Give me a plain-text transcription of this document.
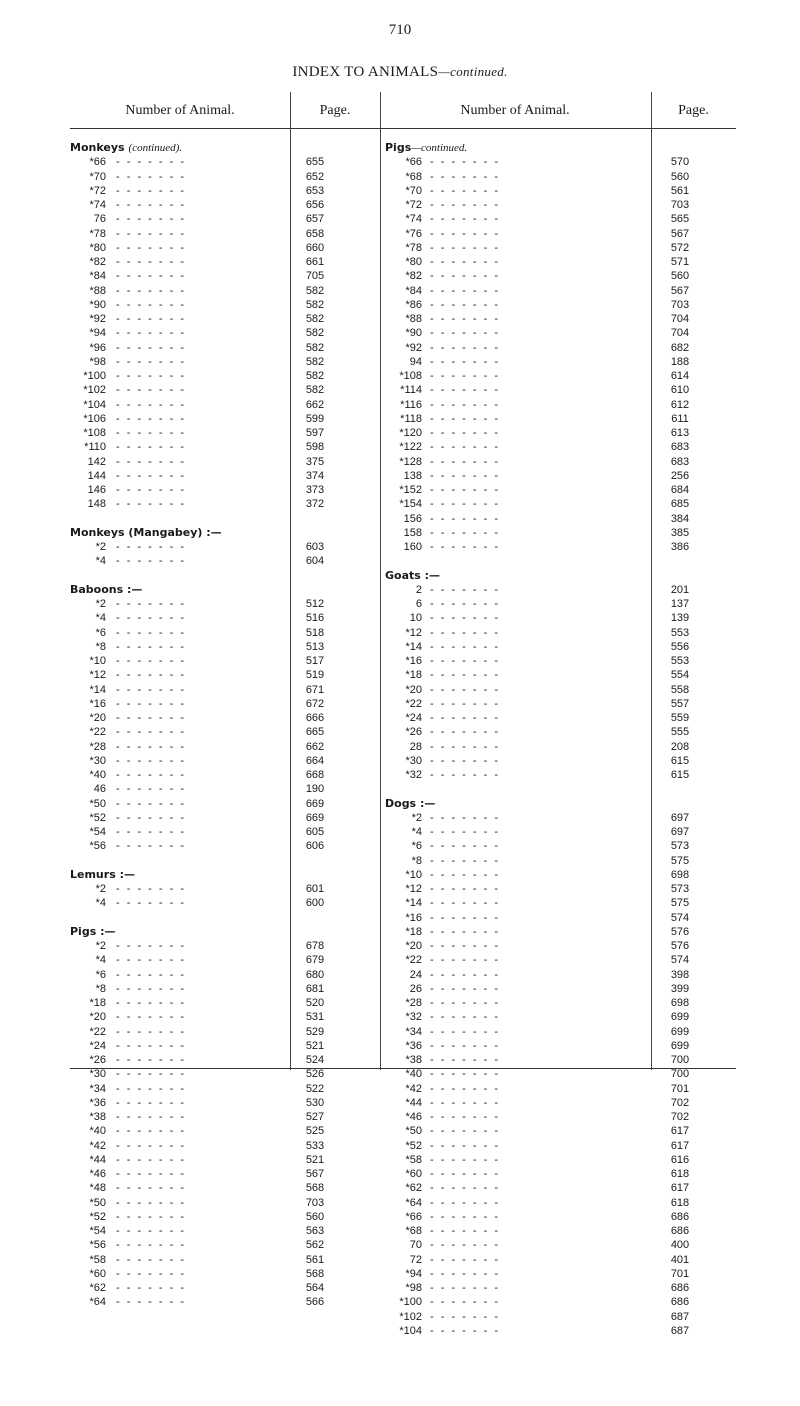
710
INDEX TO ANIMALS—continued.
Number of Animal.	Page.	Number of Animal.	Page.
Monkeys (continued).
*66 - - - - - - -	655
*70 - - - - - - -	652
*72 - - - - - - -	653
*74 - - - - - - -	656
76 - - - - - - -	657
*78 - - - - - - -	658
*80 - - - - - - -	660
*82 - - - - - - -	661
*84 - - - - - - -	705
*88 - - - - - - -	582
*90 - - - - - - -	582
*92 - - - - - - -	582
*94 - - - - - - -	582
*96 - - - - - - -	582
*98 - - - - - - -	582
*100 - - - - - - -	582
*102 - - - - - - -	582
*104 - - - - - - -	662
*106 - - - - - - -	599
*108 - - - - - - -	597
*110 - - - - - - -	598
142 - - - - - - -	375
144 - - - - - - -	374
146 - - - - - - -	373
148 - - - - - - -	372
Monkeys (Mangabey) :—
*2 - - - - - - -	603
*4 - - - - - - -	604
Baboons :—
*2 - - - - - - -	512
*4 - - - - - - -	516
*6 - - - - - - -	518
*8 - - - - - - -	513
*10 - - - - - - -	517
*12 - - - - - - -	519
*14 - - - - - - -	671
*16 - - - - - - -	672
*20 - - - - - - -	666
*22 - - - - - - -	665
*28 - - - - - - -	662
*30 - - - - - - -	664
*40 - - - - - - -	668
46 - - - - - - -	190
*50 - - - - - - -	669
*52 - - - - - - -	669
*54 - - - - - - -	605
*56 - - - - - - -	606
Lemurs :—
*2 - - - - - - -	601
*4 - - - - - - -	600
Pigs :—
*2 - - - - - - -	678
*4 - - - - - - -	679
*6 - - - - - - -	680
*8 - - - - - - -	681
*18 - - - - - - -	520
*20 - - - - - - -	531
*22 - - - - - - -	529
*24 - - - - - - -	521
*26 - - - - - - -	524
*30 - - - - - - -	526
*34 - - - - - - -	522
*36 - - - - - - -	530
*38 - - - - - - -	527
*40 - - - - - - -	525
*42 - - - - - - -	533
*44 - - - - - - -	521
*46 - - - - - - -	567
*48 - - - - - - -	568
*50 - - - - - - -	703
*52 - - - - - - -	560
*54 - - - - - - -	563
*56 - - - - - - -	562
*58 - - - - - - -	561
*60 - - - - - - -	568
*62 - - - - - - -	564
*64 - - - - - - -	566
Pigs—continued.
*66 - - - - - - -	570
*68 - - - - - - -	560
*70 - - - - - - -	561
*72 - - - - - - -	703
*74 - - - - - - -	565
*76 - - - - - - -	567
*78 - - - - - - -	572
*80 - - - - - - -	571
*82 - - - - - - -	560
*84 - - - - - - -	567
*86 - - - - - - -	703
*88 - - - - - - -	704
*90 - - - - - - -	704
*92 - - - - - - -	682
94 - - - - - - -	188
*108 - - - - - - -	614
*114 - - - - - - -	610
*116 - - - - - - -	612
*118 - - - - - - -	611
*120 - - - - - - -	613
*122 - - - - - - -	683
*128 - - - - - - -	683
138 - - - - - - -	256
*152 - - - - - - -	684
*154 - - - - - - -	685
156 - - - - - - -	384
158 - - - - - - -	385
160 - - - - - - -	386
Goats :—
2 - - - - - - -	201
6 - - - - - - -	137
10 - - - - - - -	139
*12 - - - - - - -	553
*14 - - - - - - -	556
*16 - - - - - - -	553
*18 - - - - - - -	554
*20 - - - - - - -	558
*22 - - - - - - -	557
*24 - - - - - - -	559
*26 - - - - - - -	555
28 - - - - - - -	208
*30 - - - - - - -	615
*32 - - - - - - -	615
Dogs :—
*2 - - - - - - -	697
*4 - - - - - - -	697
*6 - - - - - - -	573
*8 - - - - - - -	575
*10 - - - - - - -	698
*12 - - - - - - -	573
*14 - - - - - - -	575
*16 - - - - - - -	574
*18 - - - - - - -	576
*20 - - - - - - -	576
*22 - - - - - - -	574
24 - - - - - - -	398
26 - - - - - - -	399
*28 - - - - - - -	698
*32 - - - - - - -	699
*34 - - - - - - -	699
*36 - - - - - - -	699
*38 - - - - - - -	700
*40 - - - - - - -	700
*42 - - - - - - -	701
*44 - - - - - - -	702
*46 - - - - - - -	702
*50 - - - - - - -	617
*52 - - - - - - -	617
*58 - - - - - - -	616
*60 - - - - - - -	618
*62 - - - - - - -	617
*64 - - - - - - -	618
*66 - - - - - - -	686
*68 - - - - - - -	686
70 - - - - - - -	400
72 - - - - - - -	401
*94 - - - - - - -	701
*98 - - - - - - -	686
*100 - - - - - - -	686
*102 - - - - - - -	687
*104 - - - - - - -	687
